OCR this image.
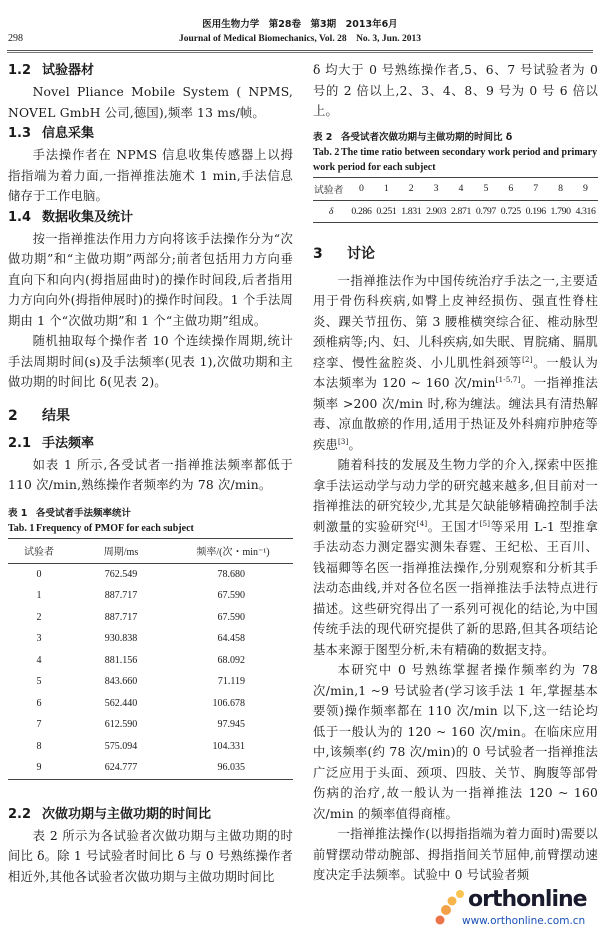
医用生物力学　第28卷　第3期　2013年6月
298	Journal of Medical Biomechanics, Vol. 28　No. 3, Jun. 2013

1.2 试验器材

Novel Pliance Mobile System ( NPMS, NOVEL GmbH 公司,德国),频率 13 ms/帧。

1.3 信息采集

手法操作者在 NPMS 信息收集传感器上以拇指指端为着力面,一指禅推法施术 1 min,手法信息储存于工作电脑。

1.4 数据收集及统计

按一指禅推法作用力方向将该手法操作分为“次做功期”和“主做功期”两部分;前者包括用力方向垂直向下和向内(拇指屈曲时)的操作时间段,后者指用力方向向外(拇指伸展时)的操作时间段。1 个手法周期由 1 个“次做功期”和 1 个“主做功期”组成。

随机抽取每个操作者 10 个连续操作周期,统计手法周期时间(s)及手法频率(见表 1),次做功期和主做功期的时间比 δ(见表 2)。

2 结果

2.1 手法频率

如表 1 所示,各受试者一指禅推法频率都低于 110 次/min,熟练操作者频率约为 78 次/min。

表 1 各受试者手法频率统计

Tab. 1 Frequency of PMOF for each subject

试验者	周期/ms	频率/(次・min⁻¹)
0	762.549	78.680
1	887.717	67.590
2	887.717	67.590
3	930.838	64.458
4	881.156	68.092
5	843.660	71.119
6	562.440	106.678
7	612.590	97.945
8	575.094	104.331
9	624.777	96.035

2.2 次做功期与主做功期的时间比

表 2 所示为各试验者次做功期与主做功期的时间比 δ。除 1 号试验者时间比 δ 与 0 号熟练操作者相近外,其他各试验者次做功期与主做功期时间比

δ 均大于 0 号熟练操作者,5、6、7 号试验者为 0 号的 2 倍以上,2、3、4、8、9 号为 0 号 6 倍以上。

表 2 各受试者次做功期与主做功期的时间比 δ

Tab. 2 The time ratio between secondary work period and primary work period for each subject

试验者	0	1	2	3	4	5	6	7	8	9
δ	0.286	0.251	1.831	2.903	2.871	0.797	0.725	0.196	1.790	4.316

3 讨论

一指禅推法作为中国传统治疗手法之一,主要适用于骨伤科疾病,如臀上皮神经损伤、强直性脊柱炎、踝关节扭伤、第 3 腰椎横突综合征、椎动脉型颈椎病等;内、妇、儿科疾病,如失眠、胃脘痛、膈肌痉挛、慢性盆腔炎、小儿肌性斜颈等[2]。一般认为本法频率为 120 ~ 160 次/min[1-5,7]。一指禅推法频率 >200 次/min 时,称为缠法。缠法具有清热解毒、凉血散瘀的作用,适用于热证及外科痈疖肿疮等疾患[3]。

随着科技的发展及生物力学的介入,探索中医推拿手法运动学与动力学的研究越来越多,但目前对一指禅推法的研究较少,尤其是欠缺能够精确控制手法刺激量的实验研究[4]。王国才[5]等采用 L-1 型推拿手法动态力测定器实测朱春霆、王纪松、王百川、钱福卿等名医一指禅推法操作,分别观察和分析其手法动态曲线,并对各位名医一指禅推法手法特点进行描述。这些研究得出了一系列可视化的结论,为中国传统手法的现代研究提供了新的思路,但其各项结论基本来源于图型分析,未有精确的数据支持。

本研究中 0 号熟练掌握者操作频率约为 78 次/min,1 ~9 号试验者(学习该手法 1 年,掌握基本要领)操作频率都在 110 次/min 以下,这一结论均低于一般认为的 120 ~ 160 次/min。在临床应用中,该频率(约 78 次/min)的 0 号试验者一指禅推法广泛应用于头面、颈项、四肢、关节、胸腹等部骨伤病的治疗,故一般认为一指禅推法 120 ~ 160 次/min 的频率值得商榷。

一指禅推法操作(以拇指指端为着力面时)需要以前臂摆动带动腕部、拇指指间关节屈伸,前臂摆动速度决定手法频率。试验中 0 号试验者频

orthonline
www.orthonline.com.cn
